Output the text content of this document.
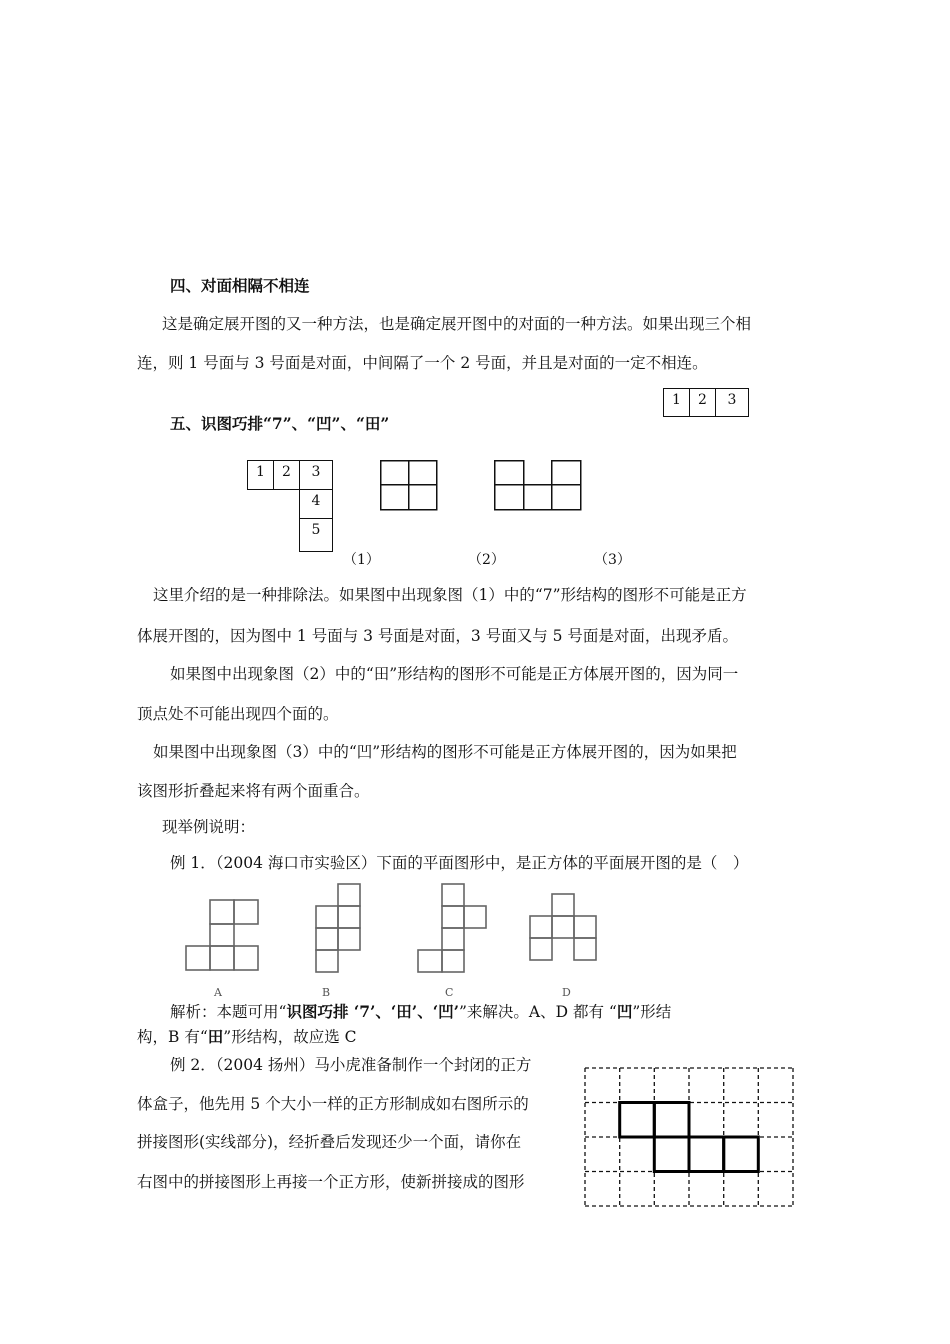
四、对面相隔不相连
这是确定展开图的又一种方法，也是确定展开图中的对面的一种方法。如果出现三个相
连，则 1 号面与 3 号面是对面，中间隔了一个 2 号面，并且是对面的一定不相连。
1	2	3
五、识图巧排“7”、“凹”、“田”
1	2	3
4
5
（1）	（2）	（3）
这里介绍的是一种排除法。如果图中出现象图（1）中的“7”形结构的图形不可能是正方
体展开图的，因为图中 1 号面与 3 号面是对面，3 号面又与 5 号面是对面，出现矛盾。
如果图中出现象图（2）中的“田”形结构的图形不可能是正方体展开图的，因为同一
顶点处不可能出现四个面的。
如果图中出现象图（3）中的“凹”形结构的图形不可能是正方体展开图的，因为如果把
该图形折叠起来将有两个面重合。
现举例说明：
例 1．（2004 海口市实验区）下面的平面图形中，是正方体的平面展开图的是（　）
A	B	C	D
解析：本题可用“识图巧排 ‘7’、‘田’、‘凹’”来解决。A、D 都有 “凹”形结
构，B 有“田”形结构，故应选 C
例 2．（2004 扬州）马小虎准备制作一个封闭的正方
体盒子，他先用 5 个大小一样的正方形制成如右图所示的
拼接图形(实线部分)，经折叠后发现还少一个面，请你在
右图中的拼接图形上再接一个正方形，使新拼接成的图形
